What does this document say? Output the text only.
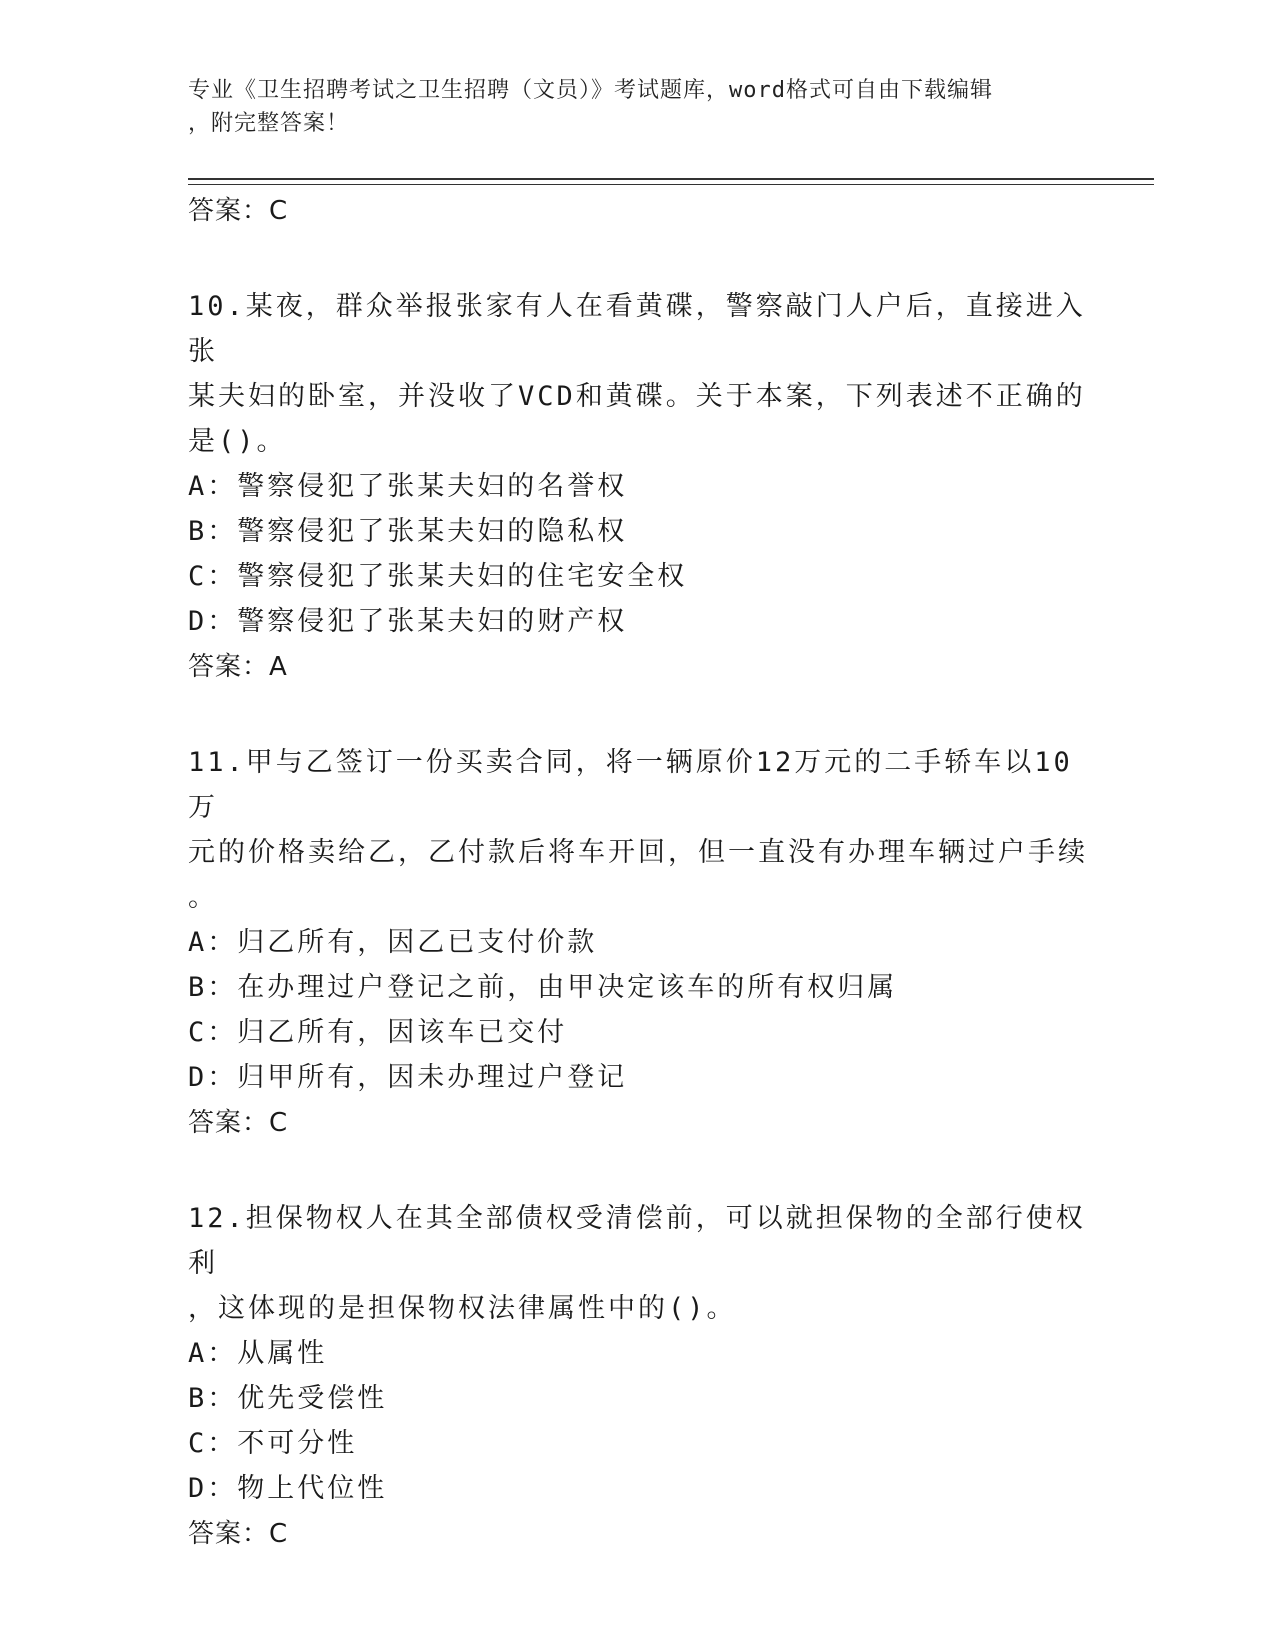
专业《卫生招聘考试之卫生招聘（文员）》考试题库，word格式可自由下载编辑
，附完整答案！

答案：C

10.某夜，群众举报张家有人在看黄碟，警察敲门人户后，直接进入张

某夫妇的卧室，并没收了VCD和黄碟。关于本案，下列表述不正确的

是()。

A：警察侵犯了张某夫妇的名誉权

B：警察侵犯了张某夫妇的隐私权

C：警察侵犯了张某夫妇的住宅安全权

D：警察侵犯了张某夫妇的财产权

答案：A

11.甲与乙签订一份买卖合同，将一辆原价12万元的二手轿车以10万

元的价格卖给乙，乙付款后将车开回，但一直没有办理车辆过户手续

。

A：归乙所有，因乙已支付价款

B：在办理过户登记之前，由甲决定该车的所有权归属

C：归乙所有，因该车已交付

D：归甲所有，因未办理过户登记

答案：C

12.担保物权人在其全部债权受清偿前，可以就担保物的全部行使权利

，这体现的是担保物权法律属性中的()。

A：从属性

B：优先受偿性

C：不可分性

D：物上代位性

答案：C
